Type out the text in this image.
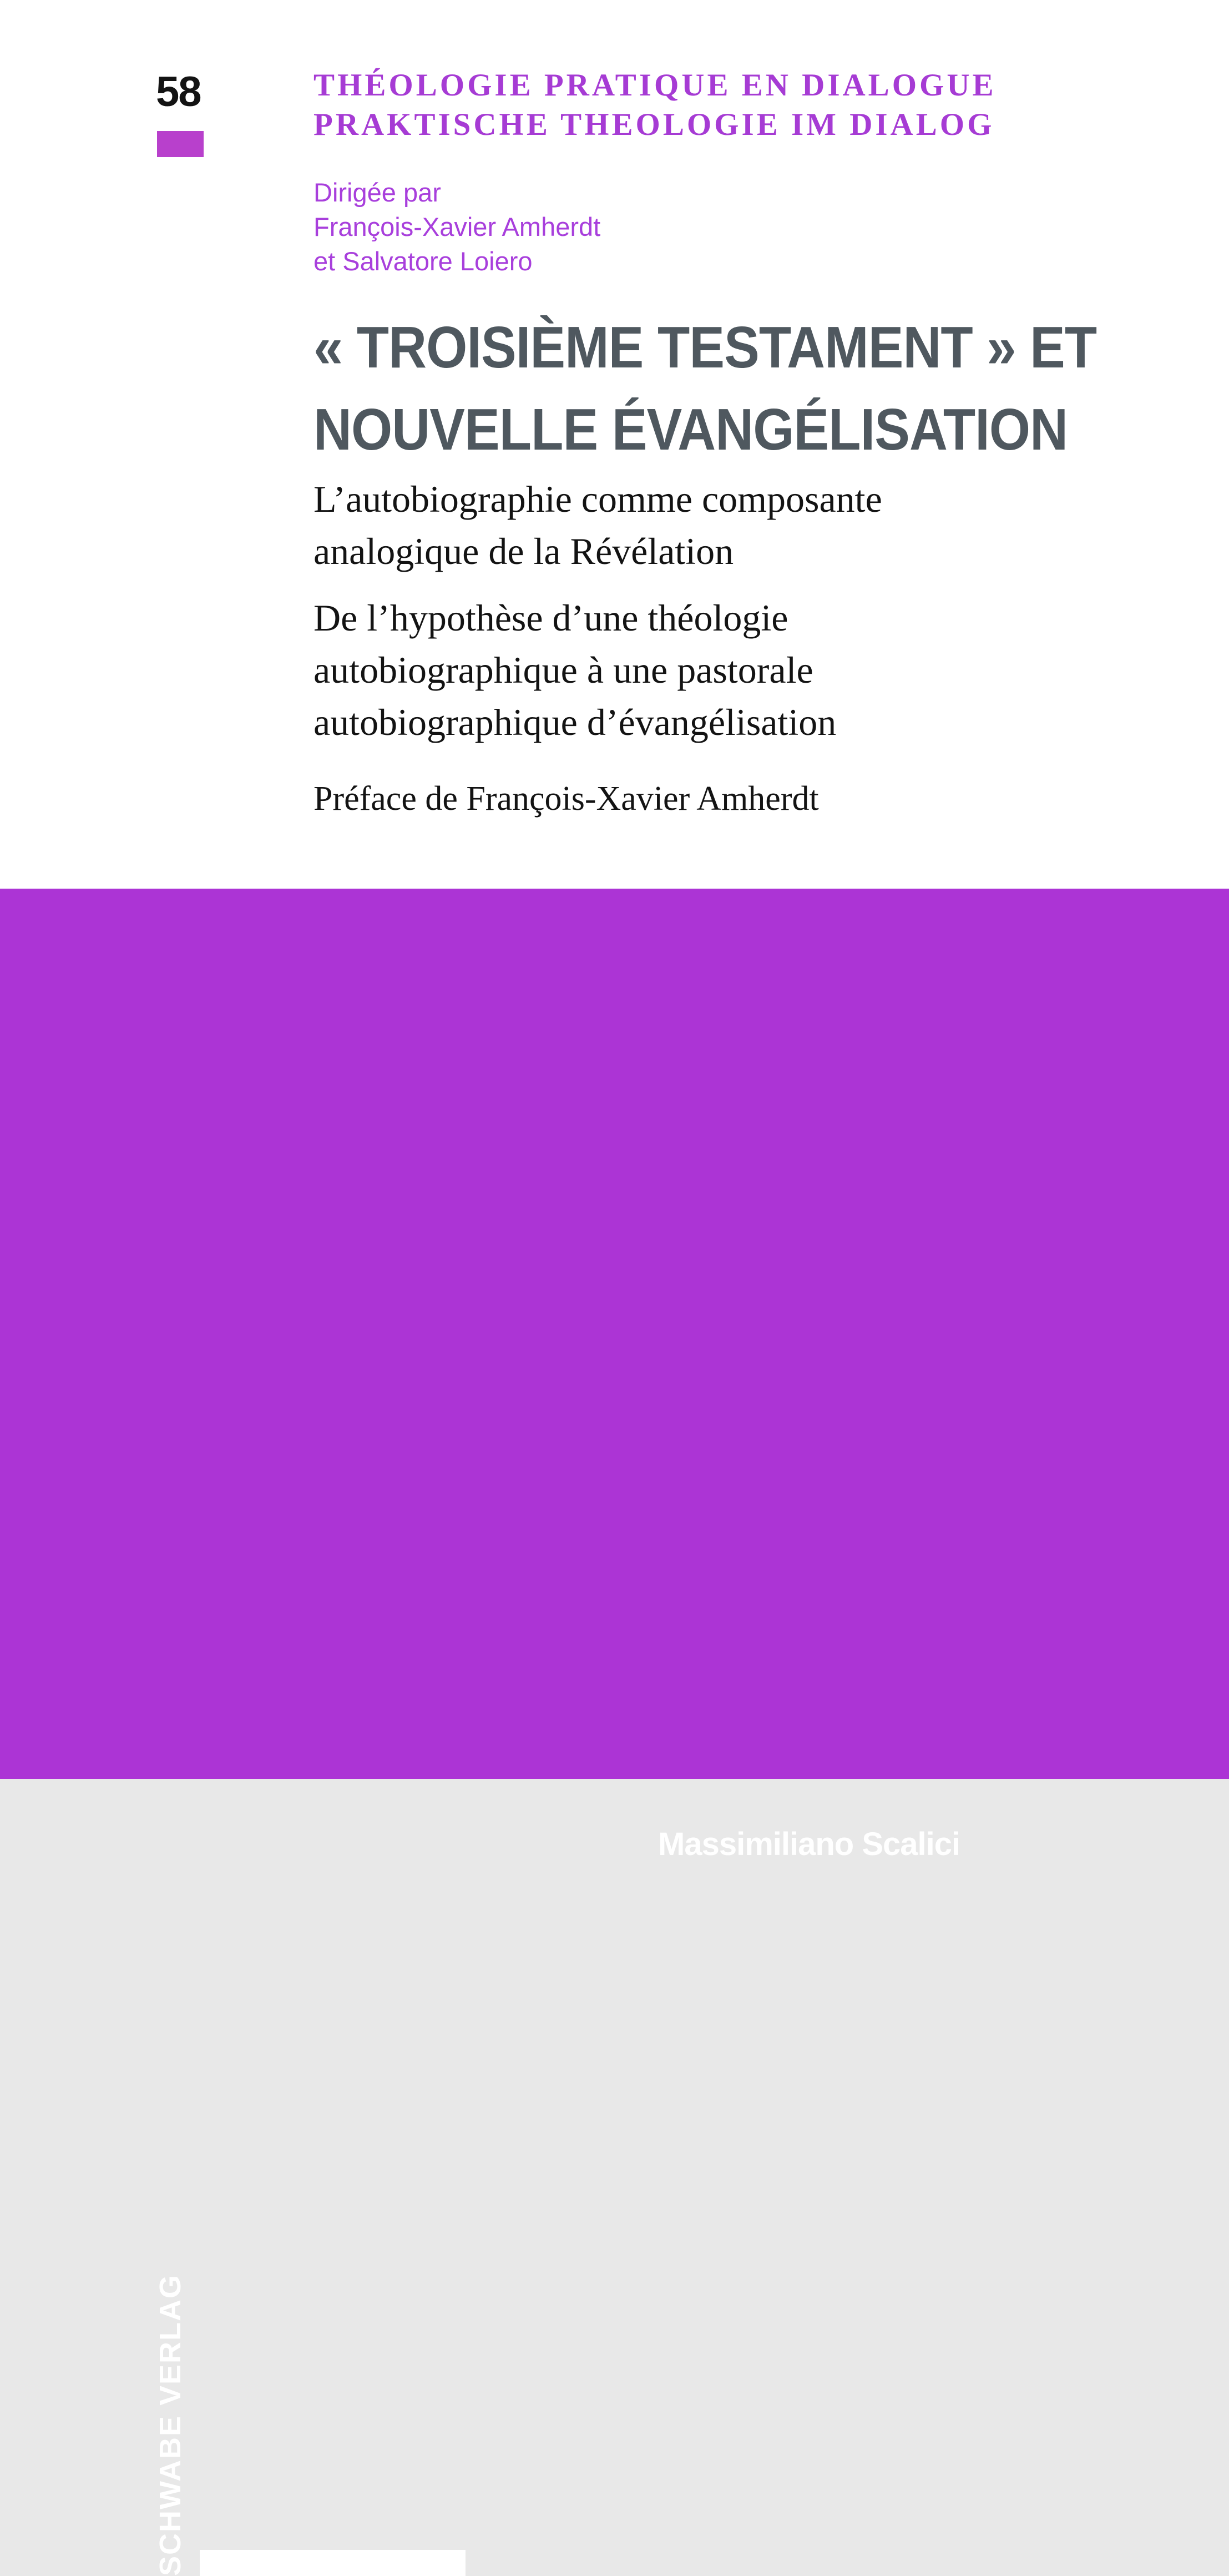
58	THÉOLOGIE PRATIQUE EN DIALOGUE
PRAKTISCHE THEOLOGIE IM DIALOG
Dirigée par
François-Xavier Amherdt
et Salvatore Loiero
« TROISIÈME TESTAMENT » ET
NOUVELLE ÉVANGÉLISATION
L’autobiographie comme composante
analogique de la Révélation
De l’hypothèse d’une théologie
autobiographique à une pastorale
autobiographique d’évangélisation
Préface de François-Xavier Amherdt
Massimiliano Scalici
SCHWABE VERLAG
